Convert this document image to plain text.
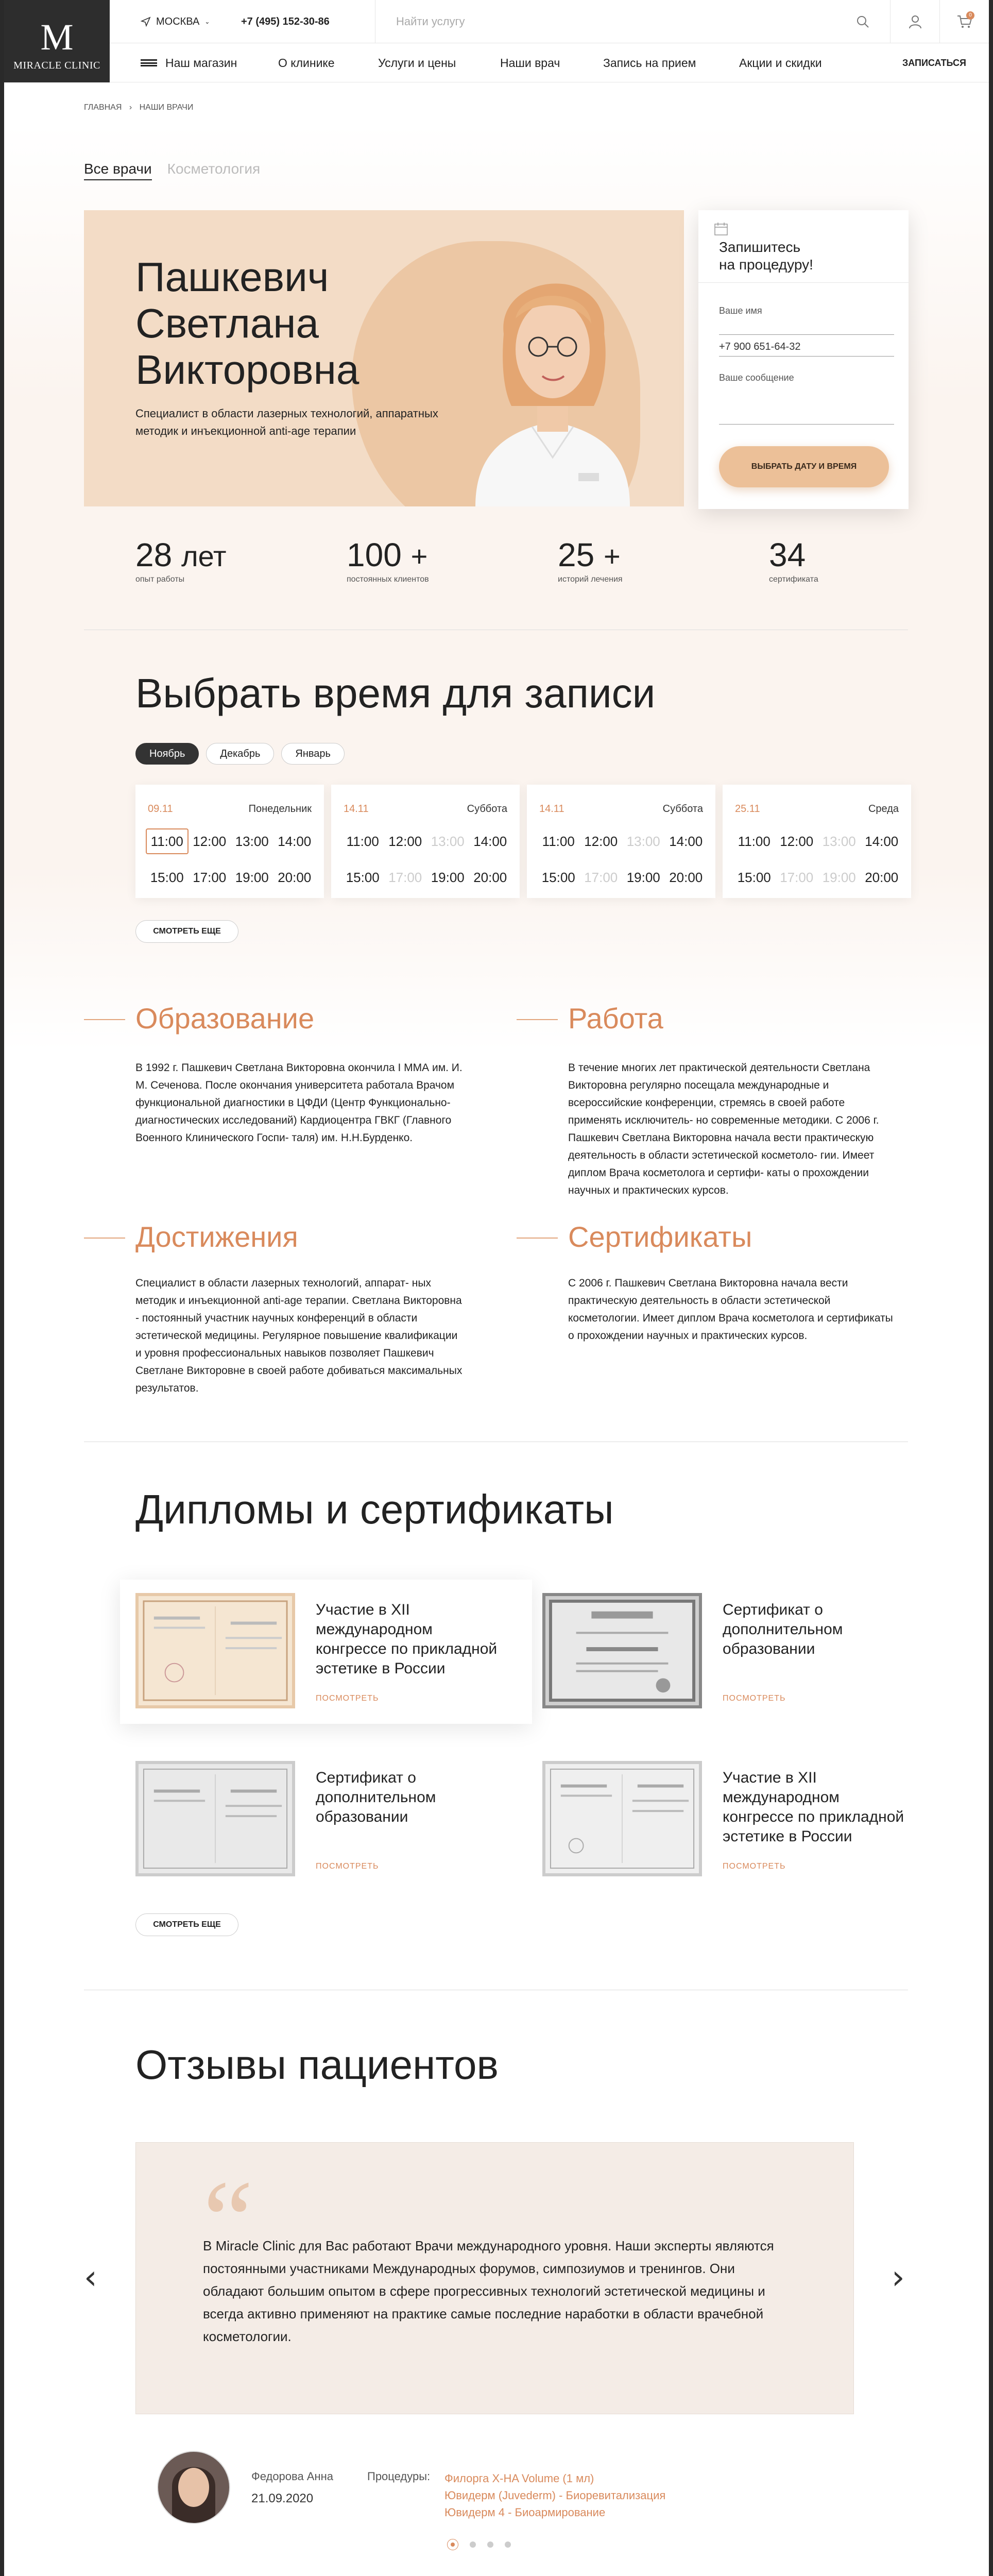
M
MIRACLE CLINIC
МОСКВА ⌄	+7 (495) 152-30-86
Найти услугу
0
Наш магазин	О клинике	Услуги и цены	Наши врач	Запись на прием	Акции и скидки	ЗАПИСАТЬСЯ
ГЛАВНАЯ › НАШИ ВРАЧИ
Все врачи Косметология
Пашкевич
Светлана
Викторовна
Специалист в области лазерных технологий, аппаратных методик и инъекционной anti-age терапии
Запишитесь
на процедуру!
Ваше имя
+7 900 651-64-32
Ваше сообщение
ВЫБРАТЬ ДАТУ И ВРЕМЯ
28 лет
опыт работы
100 +
постоянных клиентов
25 +
историй лечения
34
сертификата
Выбрать время для записи
Ноябрь	Декабрь	Январь
09.11	Понедельник
11:00 12:00 13:00 14:00
15:00 17:00 19:00 20:00
14.11	Суббота
11:00 12:00 13:00 14:00
15:00 17:00 19:00 20:00
14.11	Суббота
11:00 12:00 13:00 14:00
15:00 17:00 19:00 20:00
25.11	Среда
11:00 12:00 13:00 14:00
15:00 17:00 19:00 20:00
СМОТРЕТЬ ЕЩЕ
Образование
В 1992 г. Пашкевич Светлана Викторовна окончила I ММА им. И. М. Сеченова. После окончания университета работала Врачом функциональной диагностики в ЦФДИ (Центр Функционально- диагностических исследований) Кардиоцентра ГВКГ (Главного Военного Клинического Госпи- таля) им. Н.Н.Бурденко.
Работа
В течение многих лет практической деятельности Светлана Викторовна регулярно посещала международные и всероссийские конференции, стремясь в своей работе применять исключитель- но современные методики. С 2006 г. Пашкевич Светлана Викторовна начала вести практическую деятельность в области эстетической косметоло- гии. Имеет диплом Врача косметолога и сертифи- каты о прохождении научных и практических курсов.
Достижения
Специалист в области лазерных технологий, аппарат- ных методик и инъекционной anti-age терапии. Светлана Викторовна - постоянный участник научных конференций в области эстетической медицины. Регулярное повышение квалификации и уровня профессиональных навыков позволяет Пашкевич Светлане Викторовне в своей работе добиваться максимальных результатов.
Сертификаты
С 2006 г. Пашкевич Светлана Викторовна начала вести практическую деятельность в области эстетической косметологии. Имеет диплом Врача косметолога и сертификаты о прохождении научных и практических курсов.
Дипломы и сертификаты
Участие в XII международном конгрессе по прикладной эстетике в России
ПОСМОТРЕТЬ
Сертификат о дополнительном образовании
ПОСМОТРЕТЬ
Сертификат о дополнительном образовании
ПОСМОТРЕТЬ
Участие в XII международном конгрессе по прикладной эстетике в России
ПОСМОТРЕТЬ
СМОТРЕТЬ ЕЩЕ
Отзывы пациентов
‹	›
“
В Miracle Clinic для Вас работают Врачи международного уровня. Наши эксперты являются постоянными участниками Международных форумов, симпозиумов и тренингов. Они обладают большим опытом в сфере прогрессивных технологий эстетической медицины и всегда активно применяют на практике самые последние наработки в области врачебной косметологии.
Федорова Анна
21.09.2020
Процедуры: Филорга X-HA Volume (1 мл)
Ювидерм (Juvederm) - Биоревитализация
Ювидерм 4 - Биоармирование
